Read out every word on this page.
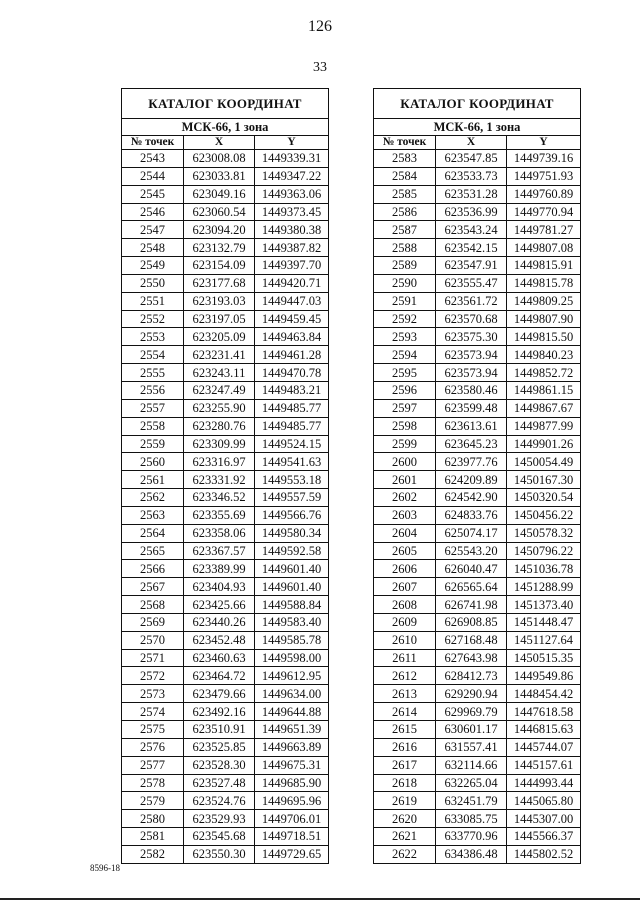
126
33
КАТАЛОГ КООРДИНАТ		
МСК-66, 1 зона		
№ точек	X	Y
2543	623008.08	1449339.31
2544	623033.81	1449347.22
2545	623049.16	1449363.06
2546	623060.54	1449373.45
2547	623094.20	1449380.38
2548	623132.79	1449387.82
2549	623154.09	1449397.70
2550	623177.68	1449420.71
2551	623193.03	1449447.03
2552	623197.05	1449459.45
2553	623205.09	1449463.84
2554	623231.41	1449461.28
2555	623243.11	1449470.78
2556	623247.49	1449483.21
2557	623255.90	1449485.77
2558	623280.76	1449485.77
2559	623309.99	1449524.15
2560	623316.97	1449541.63
2561	623331.92	1449553.18
2562	623346.52	1449557.59
2563	623355.69	1449566.76
2564	623358.06	1449580.34
2565	623367.57	1449592.58
2566	623389.99	1449601.40
2567	623404.93	1449601.40
2568	623425.66	1449588.84
2569	623440.26	1449583.40
2570	623452.48	1449585.78
2571	623460.63	1449598.00
2572	623464.72	1449612.95
2573	623479.66	1449634.00
2574	623492.16	1449644.88
2575	623510.91	1449651.39
2576	623525.85	1449663.89
2577	623528.30	1449675.31
2578	623527.48	1449685.90
2579	623524.76	1449695.96
2580	623529.93	1449706.01
2581	623545.68	1449718.51
2582	623550.30	1449729.65
КАТАЛОГ КООРДИНАТ		
МСК-66, 1 зона		
№ точек	X	Y
2583	623547.85	1449739.16
2584	623533.73	1449751.93
2585	623531.28	1449760.89
2586	623536.99	1449770.94
2587	623543.24	1449781.27
2588	623542.15	1449807.08
2589	623547.91	1449815.91
2590	623555.47	1449815.78
2591	623561.72	1449809.25
2592	623570.68	1449807.90
2593	623575.30	1449815.50
2594	623573.94	1449840.23
2595	623573.94	1449852.72
2596	623580.46	1449861.15
2597	623599.48	1449867.67
2598	623613.61	1449877.99
2599	623645.23	1449901.26
2600	623977.76	1450054.49
2601	624209.89	1450167.30
2602	624542.90	1450320.54
2603	624833.76	1450456.22
2604	625074.17	1450578.32
2605	625543.20	1450796.22
2606	626040.47	1451036.78
2607	626565.64	1451288.99
2608	626741.98	1451373.40
2609	626908.85	1451448.47
2610	627168.48	1451127.64
2611	627643.98	1450515.35
2612	628412.73	1449549.86
2613	629290.94	1448454.42
2614	629969.79	1447618.58
2615	630601.17	1446815.63
2616	631557.41	1445744.07
2617	632114.66	1445157.61
2618	632265.04	1444993.44
2619	632451.79	1445065.80
2620	633085.75	1445307.00
2621	633770.96	1445566.37
2622	634386.48	1445802.52
8596-18
